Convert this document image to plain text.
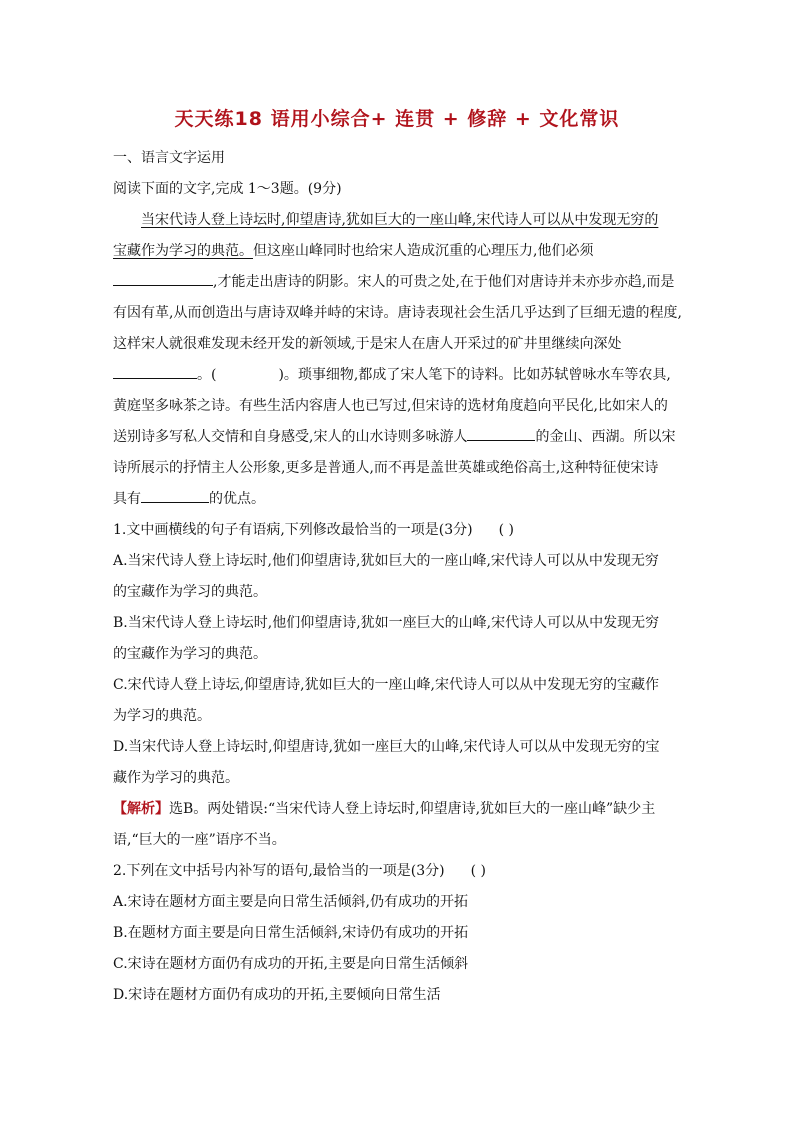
天天练18 语用小综合+ 连贯 + 修辞 + 文化常识
一、语言文字运用
阅读下面的文字,完成 1～3题。(9分)
当宋代诗人登上诗坛时,仰望唐诗,犹如巨大的一座山峰,宋代诗人可以从中发现无穷的
宝藏作为学习的典范。但这座山峰同时也给宋人造成沉重的心理压力,他们必须
,才能走出唐诗的阴影。宋人的可贵之处,在于他们对唐诗并未亦步亦趋,而是
有因有革,从而创造出与唐诗双峰并峙的宋诗。唐诗表现社会生活几乎达到了巨细无遗的程度,
这样宋人就很难发现未经开发的新领域,于是宋人在唐人开采过的矿井里继续向深处
。(	)。琐事细物,都成了宋人笔下的诗料。比如苏轼曾咏水车等农具,
黄庭坚多咏茶之诗。有些生活内容唐人也已写过,但宋诗的选材角度趋向平民化,比如宋人的
送别诗多写私人交情和自身感受,宋人的山水诗则多咏游人	的金山、西湖。所以宋
诗所展示的抒情主人公形象,更多是普通人,而不再是盖世英雄或绝俗高士,这种特征使宋诗
具有	的优点。
1.文中画横线的句子有语病,下列修改最恰当的一项是(3分) ( )
A.当宋代诗人登上诗坛时,他们仰望唐诗,犹如巨大的一座山峰,宋代诗人可以从中发现无穷
的宝藏作为学习的典范。
B.当宋代诗人登上诗坛时,他们仰望唐诗,犹如一座巨大的山峰,宋代诗人可以从中发现无穷
的宝藏作为学习的典范。
C.宋代诗人登上诗坛,仰望唐诗,犹如巨大的一座山峰,宋代诗人可以从中发现无穷的宝藏作
为学习的典范。
D.当宋代诗人登上诗坛时,仰望唐诗,犹如一座巨大的山峰,宋代诗人可以从中发现无穷的宝
藏作为学习的典范。
【解析】选B。两处错误:“当宋代诗人登上诗坛时,仰望唐诗,犹如巨大的一座山峰”缺少主
语,“巨大的一座”语序不当。
2.下列在文中括号内补写的语句,最恰当的一项是(3分) ( )
A.宋诗在题材方面主要是向日常生活倾斜,仍有成功的开拓
B.在题材方面主要是向日常生活倾斜,宋诗仍有成功的开拓
C.宋诗在题材方面仍有成功的开拓,主要是向日常生活倾斜
D.宋诗在题材方面仍有成功的开拓,主要倾向日常生活
